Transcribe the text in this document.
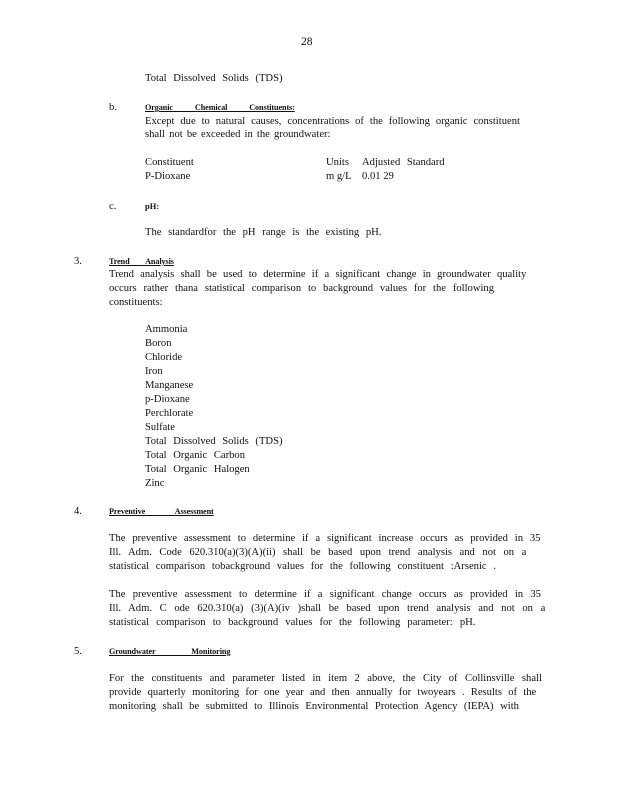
28
Total Dissolved Solids (TDS)
b.	Organic Chemical Constituents:
Except due to natural causes, concentrations of the following organic constituent
shall not be exceeded in the groundwater:
Constituent	Units Adjusted Standard
P-Dioxane	m g/L 0.01 29
c.	pH:
The standardfor the pH range is the existing pH.
3.	Trend Analysis
Trend analysis shall be used to determine if a significant change in groundwater quality
occurs rather thana statistical comparison to background values for the following
constituents:
Ammonia
Boron
Chloride
Iron
Manganese
p-Dioxane
Perchlorate
Sulfate
Total Dissolved Solids (TDS)
Total Organic Carbon
Total Organic Halogen
Zinc
4.	Preventive Assessment
The preventive assessment to determine if a significant increase occurs as provided in 35
Ill. Adm. Code 620.310(a)(3)(A)(ii) shall be based upon trend analysis and not on a
statistical comparison tobackground values for the following constituent :Arsenic .
The preventive assessment to determine if a significant change occurs as provided in 35
Ill. Adm. C ode 620.310(a) (3)(A)(iv )shall be based upon trend analysis and not on a
statistical comparison to background values for the following parameter: pH.
5.	Groundwater Monitoring
For the constituents and parameter listed in item 2 above, the City of Collinsville shall
provide quarterly monitoring for one year and then annually for twoyears . Results of the
monitoring shall be submitted to Illinois Environmental Protection Agency (IEPA) with
